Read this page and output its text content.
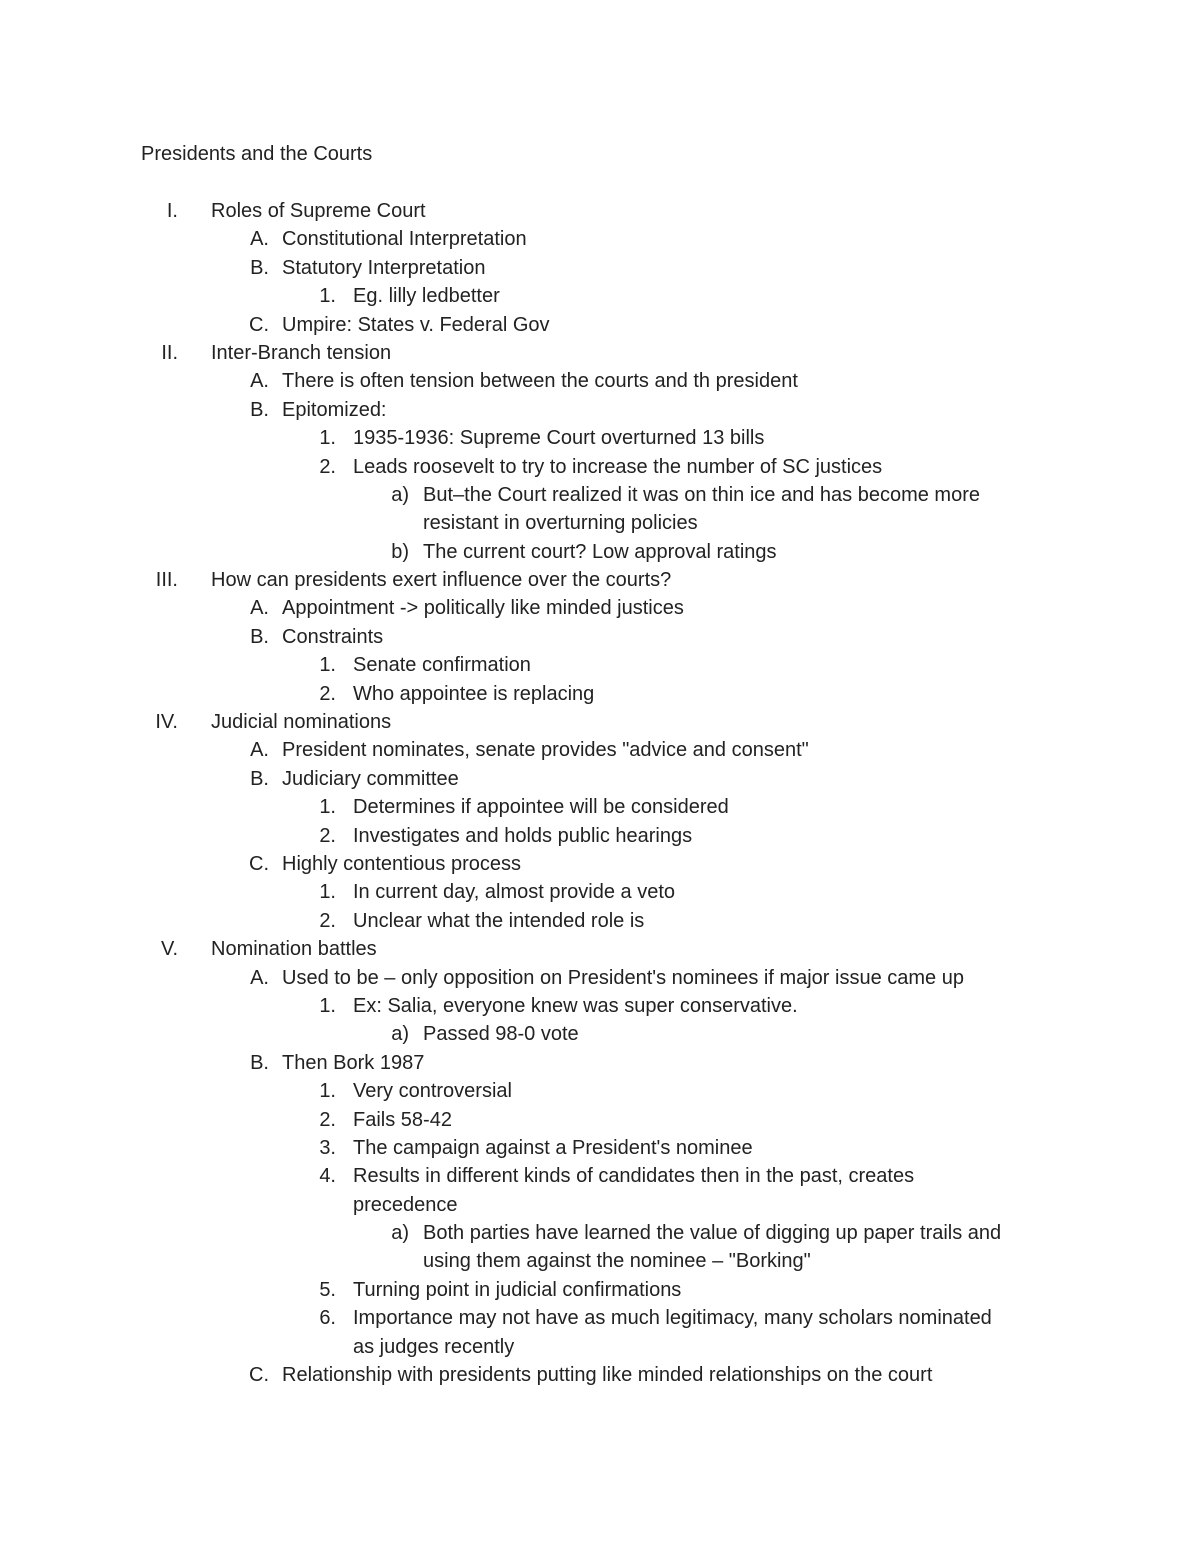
Presidents and the Courts
I. Roles of Supreme Court
A. Constitutional Interpretation
B. Statutory Interpretation
1. Eg. lilly ledbetter
C. Umpire: States v. Federal Gov
II. Inter-Branch tension
A. There is often tension between the courts and th president
B. Epitomized:
1. 1935-1936: Supreme Court overturned 13 bills
2. Leads roosevelt to try to increase the number of SC justices
a) But–the Court realized it was on thin ice and has become more
resistant in overturning policies
b) The current court? Low approval ratings
III. How can presidents exert influence over the courts?
A. Appointment -> politically like minded justices
B. Constraints
1. Senate confirmation
2. Who appointee is replacing
IV. Judicial nominations
A. President nominates, senate provides "advice and consent"
B. Judiciary committee
1. Determines if appointee will be considered
2. Investigates and holds public hearings
C. Highly contentious process
1. In current day, almost provide a veto
2. Unclear what the intended role is
V. Nomination battles
A. Used to be – only opposition on President's nominees if major issue came up
1. Ex: Salia, everyone knew was super conservative.
a) Passed 98-0 vote
B. Then Bork 1987
1. Very controversial
2. Fails 58-42
3. The campaign against a President's nominee
4. Results in different kinds of candidates then in the past, creates
precedence
a) Both parties have learned the value of digging up paper trails and
using them against the nominee – "Borking"
5. Turning point in judicial confirmations
6. Importance may not have as much legitimacy, many scholars nominated
as judges recently
C. Relationship with presidents putting like minded relationships on the court
